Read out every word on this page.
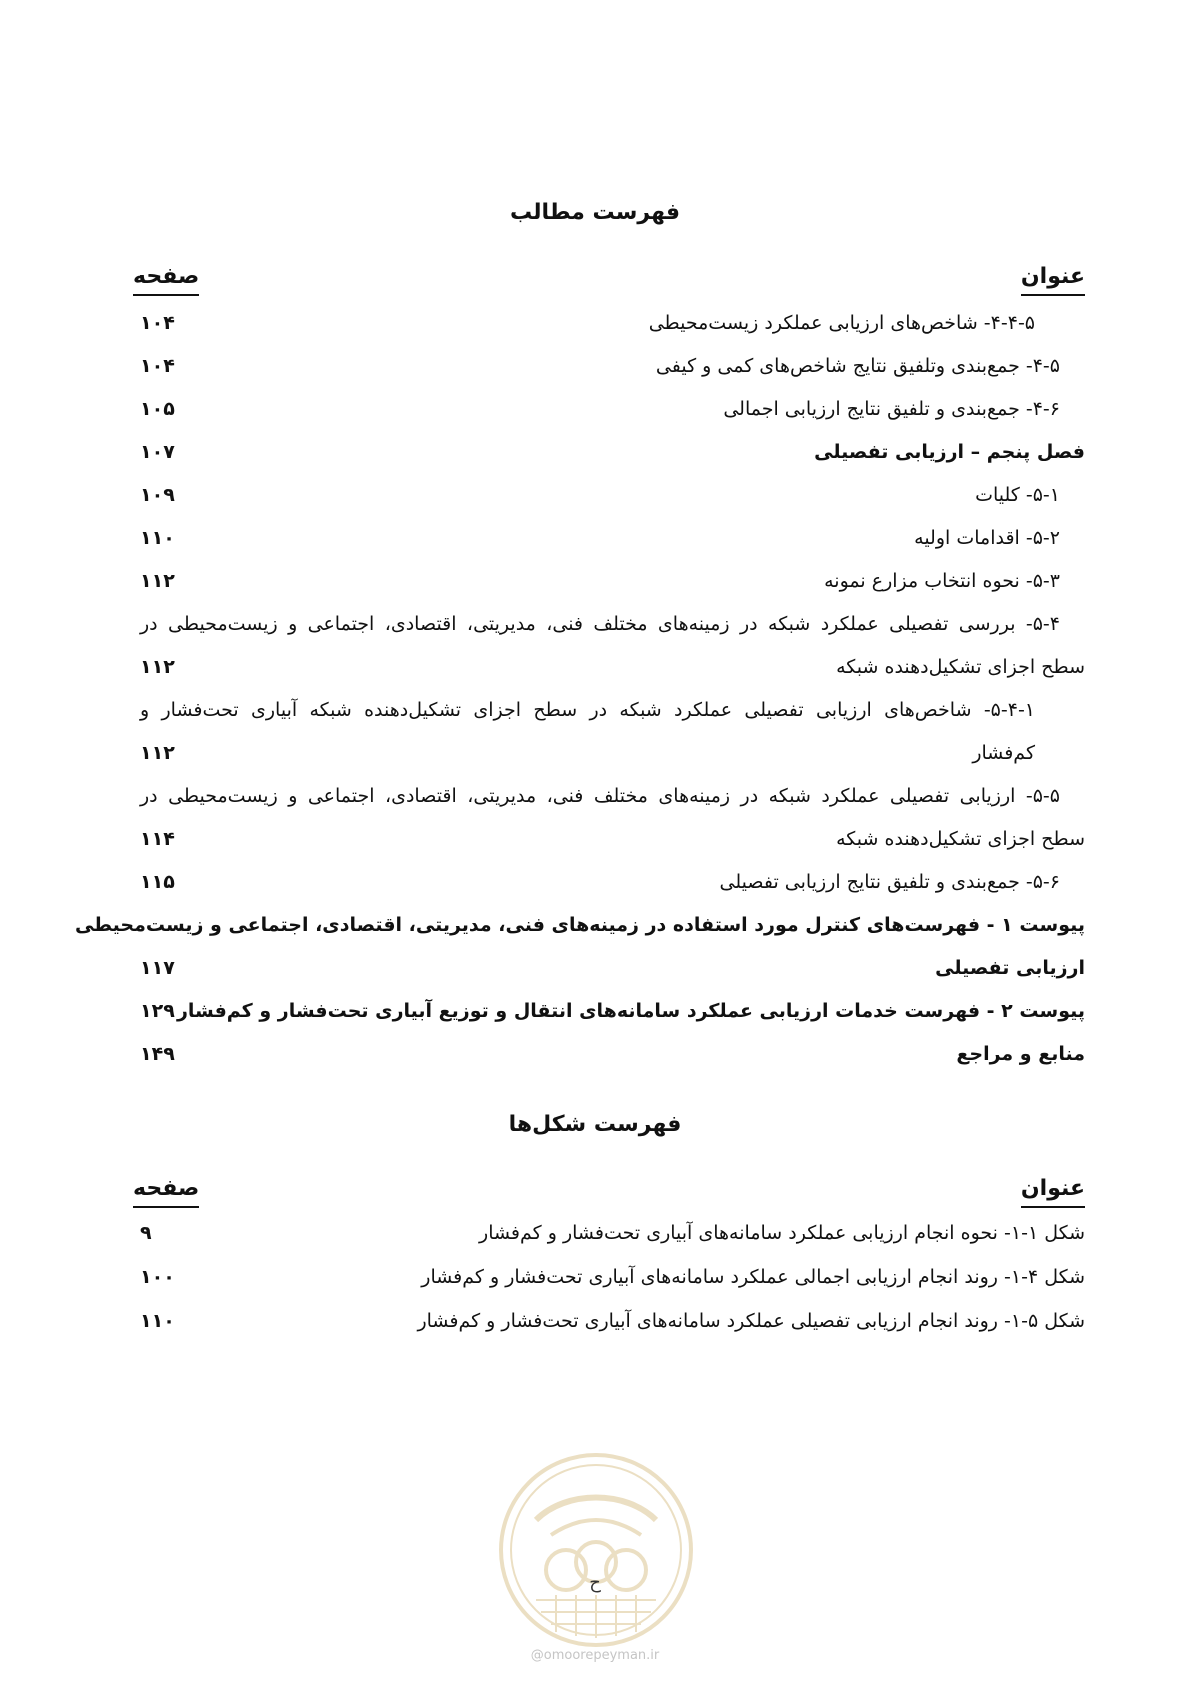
فهرست مطالب
عنوان
صفحه
۴-۴-۵- شاخص‌های ارزیابی عملکرد زیست‌محیطی
۱۰۴
۴-۵- جمع‌بندی وتلفیق نتایج شاخص‌های کمی و کیفی
۱۰۴
۴-۶- جمع‌بندی و تلفیق نتایج ارزیابی اجمالی
۱۰۵
فصل پنجم – ارزیابی تفصیلی
۱۰۷
۵-۱- کلیات
۱۰۹
۵-۲- اقدامات اولیه
۱۱۰
۵-۳- نحوه انتخاب مزارع نمونه
۱۱۲
۵-۴- بررسی تفصیلی عملکرد شبکه در زمینه‌های مختلف فنی، مدیریتی، اقتصادی، اجتماعی و زیست‌محیطی در
سطح اجزای تشکیل‌دهنده شبکه
۱۱۲
۵-۴-۱- شاخص‌های ارزیابی تفصیلی عملکرد شبکه در سطح اجزای تشکیل‌دهنده شبکه آبیاری تحت‌فشار و
کم‌فشار
۱۱۲
۵-۵- ارزیابی تفصیلی عملکرد شبکه در زمینه‌های مختلف فنی، مدیریتی، اقتصادی، اجتماعی و زیست‌محیطی در
سطح اجزای تشکیل‌دهنده شبکه
۱۱۴
۵-۶- جمع‌بندی و تلفیق نتایج ارزیابی تفصیلی
۱۱۵
پیوست ۱ - فهرست‌های کنترل مورد استفاده در زمینه‌های فنی، مدیریتی، اقتصادی، اجتماعی و زیست‌محیطی
ارزیابی تفصیلی
۱۱۷
پیوست ۲ - فهرست خدمات ارزیابی عملکرد سامانه‌های انتقال و توزیع آبیاری تحت‌فشار و کم‌فشار
۱۲۹
منابع و مراجع
۱۴۹
فهرست شکل‌ها
عنوان
صفحه
شکل ۱-۱- نحوه انجام ارزیابی عملکرد سامانه‌های آبیاری تحت‌فشار و کم‌فشار
۹
شکل ۴-۱- روند انجام ارزیابی اجمالی عملکرد سامانه‌های آبیاری تحت‌فشار و کم‌فشار
۱۰۰
شکل ۵-۱- روند انجام ارزیابی تفصیلی عملکرد سامانه‌های آبیاری تحت‌فشار و کم‌فشار
۱۱۰
ح
@omoorepeyman.ir
